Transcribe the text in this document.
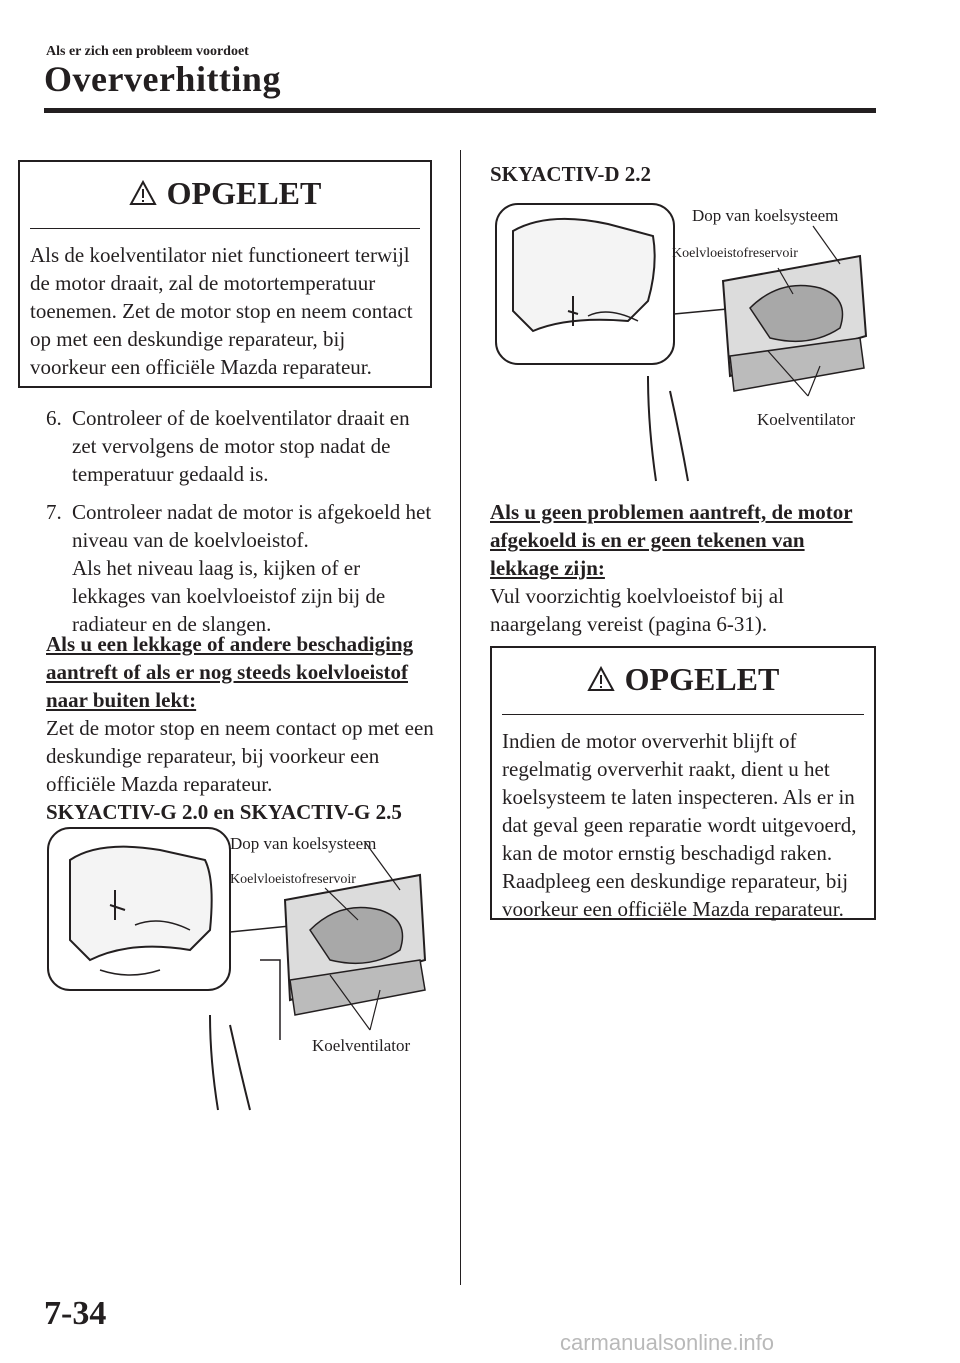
Als er zich een probleem voordoet
Oververhitting
OPGELET
Als de koelventilator niet functioneert terwijl de motor draait, zal de motortemperatuur toenemen. Zet de motor stop en neem contact op met een deskundige reparateur, bij voorkeur een officiële Mazda reparateur.
6. Controleer of de koelventilator draait en zet vervolgens de motor stop nadat de temperatuur gedaald is.
7. Controleer nadat de motor is afgekoeld het niveau van de koelvloeistof.
Als het niveau laag is, kijken of er lekkages van koelvloeistof zijn bij de radiateur en de slangen.
Als u een lekkage of andere beschadiging aantreft of als er nog steeds koelvloeistof naar buiten lekt:
Zet de motor stop en neem contact op met een deskundige reparateur, bij voorkeur een officiële Mazda reparateur.
SKYACTIV-G 2.0 en SKYACTIV-G 2.5
Dop van koelsysteem
Koelvloeistofreservoir
Koelventilator
SKYACTIV-D 2.2
Dop van koelsysteem
Koelvloeistofreservoir
Koelventilator
Als u geen problemen aantreft, de motor afgekoeld is en er geen tekenen van lekkage zijn:
Vul voorzichtig koelvloeistof bij al naargelang vereist (pagina 6-31).
OPGELET
Indien de motor oververhit blijft of regelmatig oververhit raakt, dient u het koelsysteem te laten inspecteren. Als er in dat geval geen reparatie wordt uitgevoerd, kan de motor ernstig beschadigd raken. Raadpleeg een deskundige reparateur, bij voorkeur een officiële Mazda reparateur.
7-34
carmanualsonline.info
